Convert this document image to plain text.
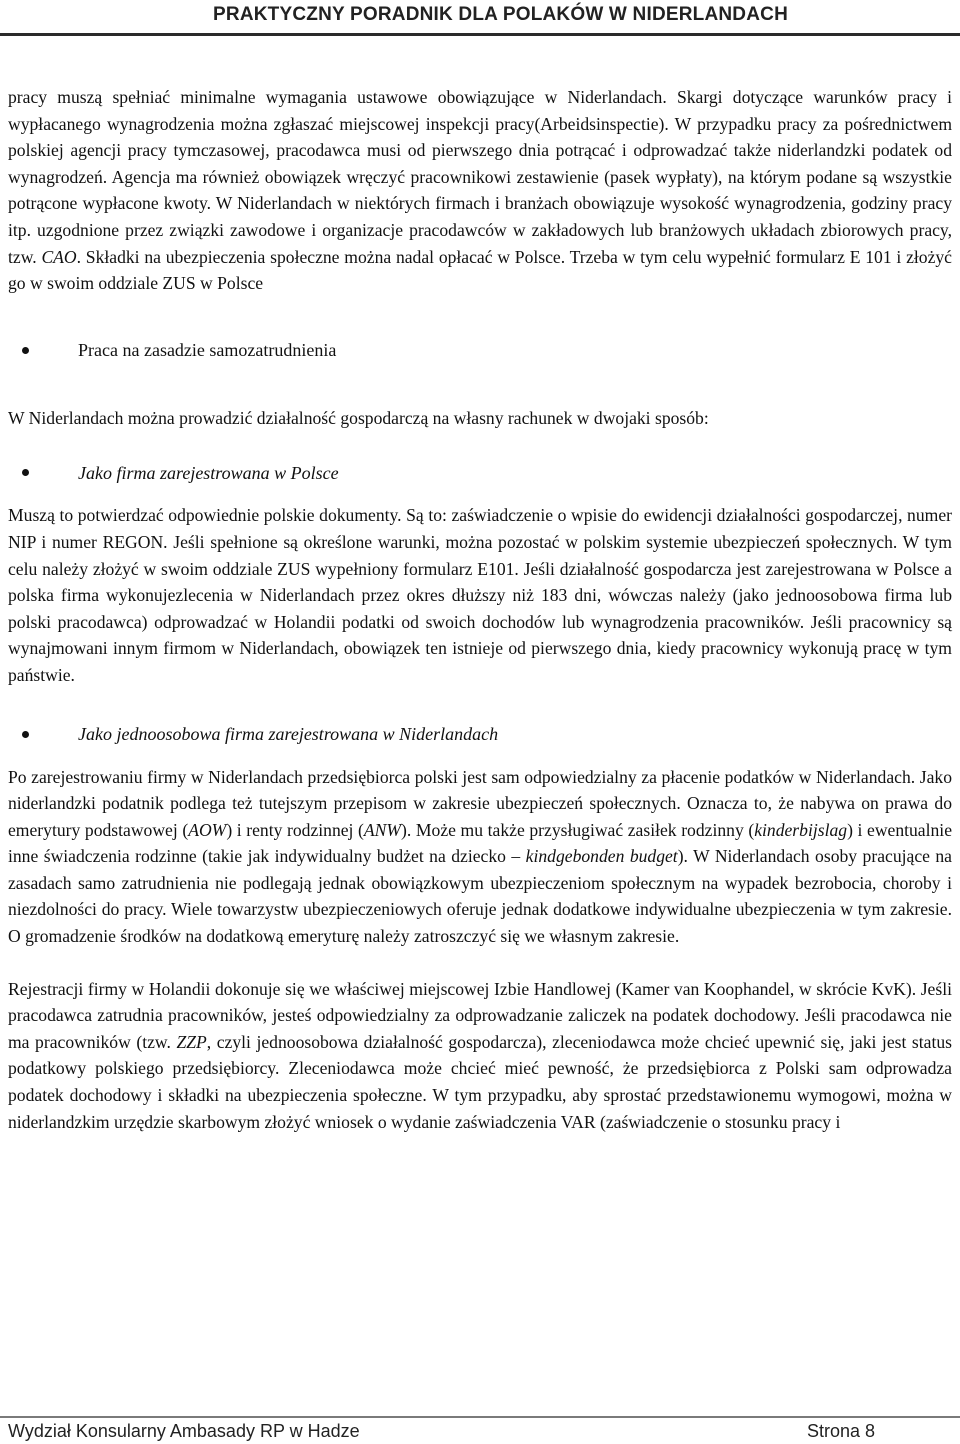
PRAKTYCZNY PORADNIK DLA POLAKÓW W NIDERLANDACH

pracy muszą spełniać minimalne wymagania ustawowe obowiązujące w Niderlandach. Skargi dotyczące warunków pracy i wypłacanego wynagrodzenia można zgłaszać miejscowej inspekcji pracy(Arbeidsinspectie). W przypadku pracy za pośrednictwem polskiej agencji pracy tymczasowej, pracodawca musi od pierwszego dnia potrącać i odprowadzać także niderlandzki podatek od wynagrodzeń. Agencja ma również obowiązek wręczyć pracownikowi zestawienie (pasek wypłaty), na którym podane są wszystkie potrącone wypłacone kwoty. W Niderlandach w niektórych firmach i branżach obowiązuje wysokość wynagrodzenia, godziny pracy itp. uzgodnione przez związki zawodowe i organizacje pracodawców w zakładowych lub branżowych układach zbiorowych pracy, tzw. CAO. Składki na ubezpieczenia społeczne można nadal opłacać w Polsce. Trzeba w tym celu wypełnić formularz E 101 i złożyć go w swoim oddziale ZUS w Polsce

Praca na zasadzie samozatrudnienia

W Niderlandach można prowadzić działalność gospodarczą na własny rachunek w dwojaki sposób:

Jako firma zarejestrowana w Polsce

Muszą to potwierdzać odpowiednie polskie dokumenty. Są to: zaświadczenie o wpisie do ewidencji działalności gospodarczej, numer NIP i numer REGON. Jeśli spełnione są określone warunki, można pozostać w polskim systemie ubezpieczeń społecznych. W tym celu należy złożyć w swoim oddziale ZUS wypełniony formularz E101. Jeśli działalność gospodarcza jest zarejestrowana w Polsce a polska firma wykonujezlecenia w Niderlandach przez okres dłuższy niż 183 dni, wówczas należy (jako jednoosobowa firma lub polski pracodawca) odprowadzać w Holandii podatki od swoich dochodów lub wynagrodzenia pracowników. Jeśli pracownicy są wynajmowani innym firmom w Niderlandach, obowiązek ten istnieje od pierwszego dnia, kiedy pracownicy wykonują pracę w tym państwie.

Jako jednoosobowa firma zarejestrowana w Niderlandach

Po zarejestrowaniu firmy w Niderlandach przedsiębiorca polski jest sam odpowiedzialny za płacenie podatków w Niderlandach. Jako niderlandzki podatnik podlega też tutejszym przepisom w zakresie ubezpieczeń społecznych. Oznacza to, że nabywa on prawa do emerytury podstawowej (AOW) i renty rodzinnej (ANW). Może mu także przysługiwać zasiłek rodzinny (kinderbijslag) i ewentualnie inne świadczenia rodzinne (takie jak indywidualny budżet na dziecko – kindgebonden budget). W Niderlandach osoby pracujące na zasadach samo zatrudnienia nie podlegają jednak obowiązkowym ubezpieczeniom społecznym na wypadek bezrobocia, choroby i niezdolności do pracy. Wiele towarzystw ubezpieczeniowych oferuje jednak dodatkowe indywidualne ubezpieczenia w tym zakresie. O gromadzenie środków na dodatkową emeryturę należy zatroszczyć się we własnym zakresie.

Rejestracji firmy w Holandii dokonuje się we właściwej miejscowej Izbie Handlowej (Kamer van Koophandel, w skrócie KvK). Jeśli pracodawca zatrudnia pracowników, jesteś odpowiedzialny za odprowadzanie zaliczek na podatek dochodowy. Jeśli pracodawca nie ma pracowników (tzw. ZZP, czyli jednoosobowa działalność gospodarcza), zleceniodawca może chcieć upewnić się, jaki jest status podatkowy polskiego przedsiębiorcy. Zleceniodawca może chcieć mieć pewność, że przedsiębiorca z Polski sam odprowadza podatek dochodowy i składki na ubezpieczenia społeczne. W tym przypadku, aby sprostać przedstawionemu wymogowi, można w niderlandzkim urzędzie skarbowym złożyć wniosek o wydanie zaświadczenia VAR (zaświadczenie o stosunku pracy i

Wydział Konsularny Ambasady RP w Hadze	Strona 8
